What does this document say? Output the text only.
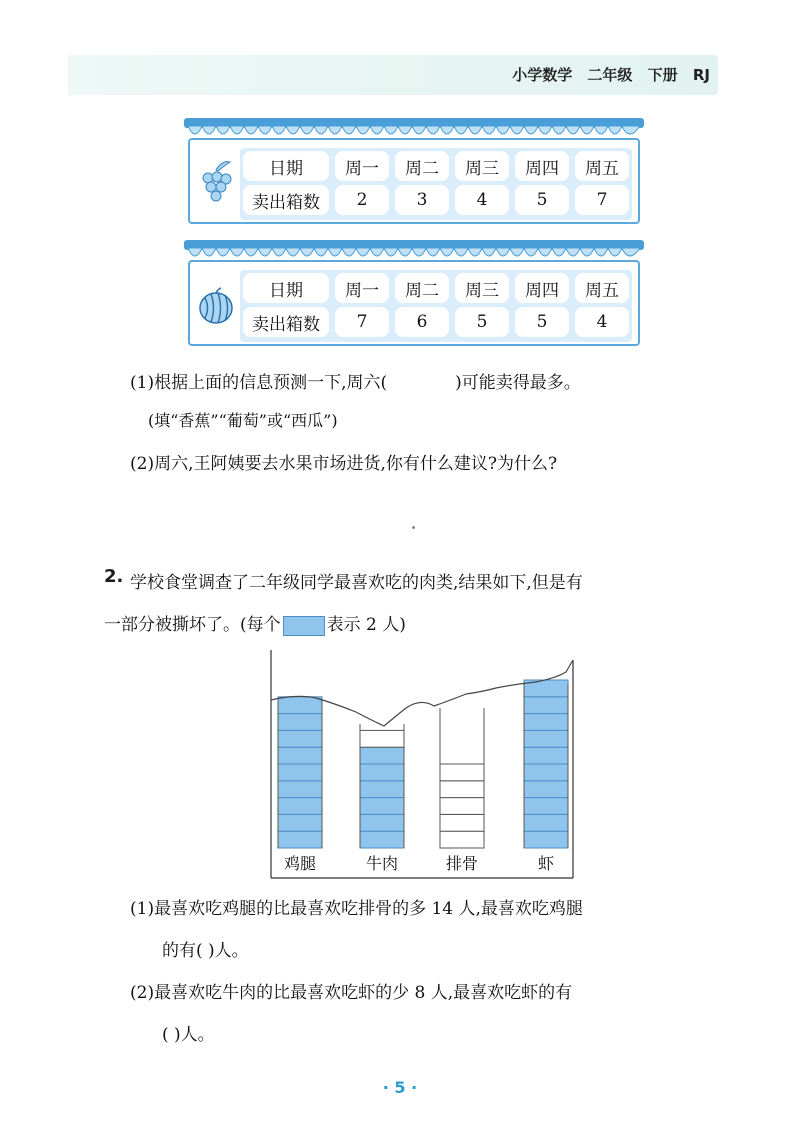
小学数学 二年级 下册 RJ
日期	周一	周二	周三	周四	周五
卖出箱数	2	3	4	5	7
日期	周一	周二	周三	周四	周五
卖出箱数	7	6	5	5	4
(1)根据上面的信息预测一下,周六(	)可能卖得最多。
(填“香蕉”“葡萄”或“西瓜”)
(2)周六,王阿姨要去水果市场进货,你有什么建议?为什么?
2. 学校食堂调查了二年级同学最喜欢吃的肉类,结果如下,但是有
一部分被撕坏了。(每个	表示 2 人)
鸡腿	牛肉	排骨	虾
(1)最喜欢吃鸡腿的比最喜欢吃排骨的多 14 人,最喜欢吃鸡腿
的有( )人。
(2)最喜欢吃牛肉的比最喜欢吃虾的少 8 人,最喜欢吃虾的有
( )人。
· 5 ·
